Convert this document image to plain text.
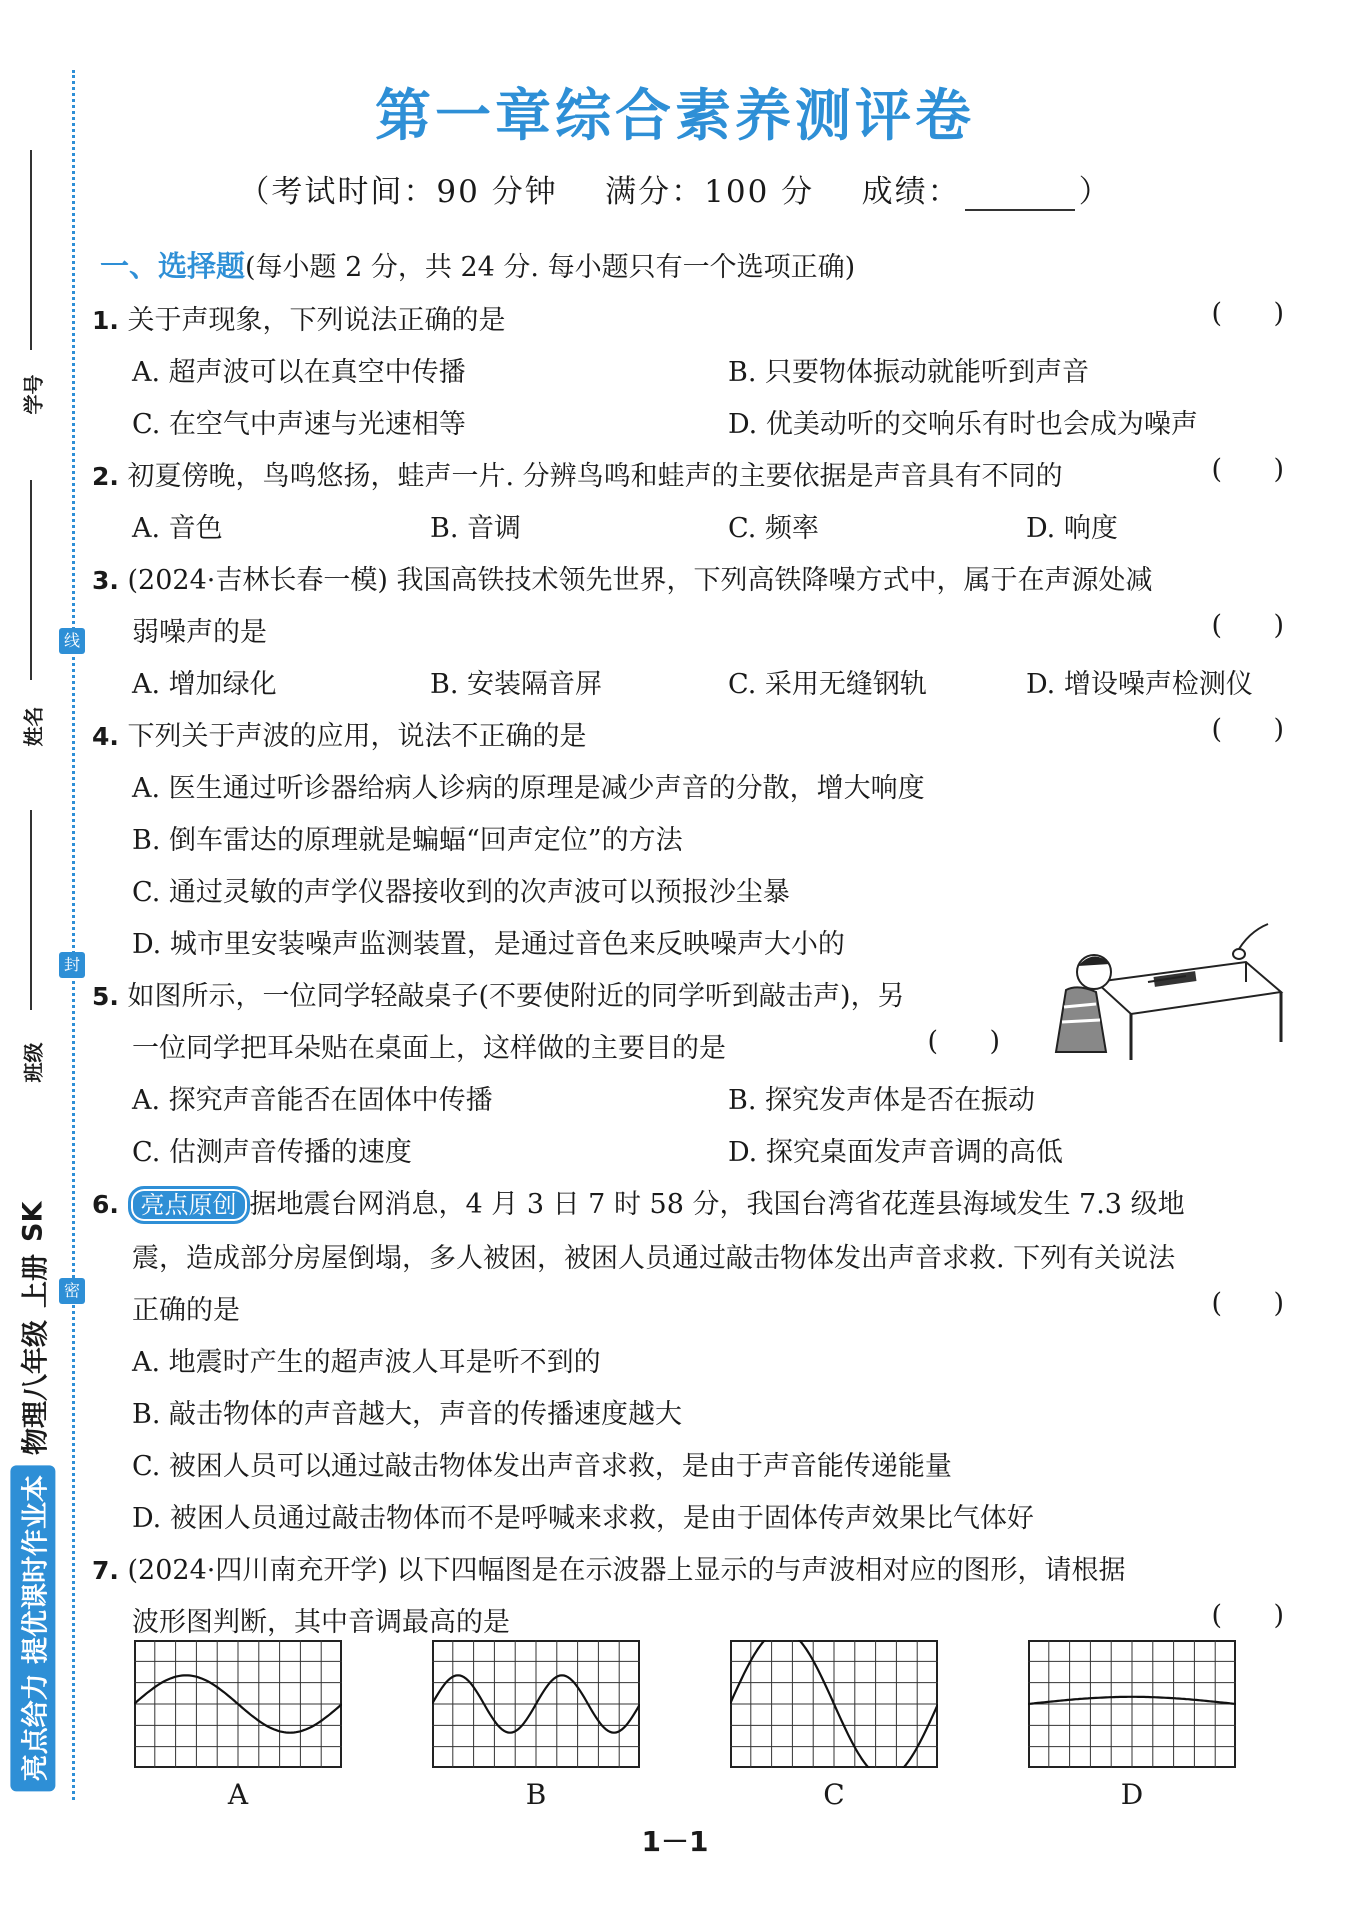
线
封
密
学号
姓名
班级
亮点给力 提优课时作业本
物理八年级
上册
SK
第一章综合素养测评卷
（考试时间：90 分钟 满分：100 分 成绩：	）
一、选择题(每小题 2 分，共 24 分. 每小题只有一个选项正确)
1. 关于声现象，下列说法正确的是	(      )
A. 超声波可以在真空中传播	B. 只要物体振动就能听到声音
C. 在空气中声速与光速相等	D. 优美动听的交响乐有时也会成为噪声
2. 初夏傍晚，鸟鸣悠扬，蛙声一片. 分辨鸟鸣和蛙声的主要依据是声音具有不同的	(      )
A. 音色	B. 音调	C. 频率	D. 响度
3. (2024·吉林长春一模) 我国高铁技术领先世界，下列高铁降噪方式中，属于在声源处减
弱噪声的是	(      )
A. 增加绿化	B. 安装隔音屏	C. 采用无缝钢轨	D. 增设噪声检测仪
4. 下列关于声波的应用，说法不正确的是	(      )
A. 医生通过听诊器给病人诊病的原理是减少声音的分散，增大响度
B. 倒车雷达的原理就是蝙蝠“回声定位”的方法
C. 通过灵敏的声学仪器接收到的次声波可以预报沙尘暴
D. 城市里安装噪声监测装置，是通过音色来反映噪声大小的
5. 如图所示，一位同学轻敲桌子(不要使附近的同学听到敲击声)，另
一位同学把耳朵贴在桌面上，这样做的主要目的是	(      )
A. 探究声音能否在固体中传播	B. 探究发声体是否在振动
C. 估测声音传播的速度	D. 探究桌面发声音调的高低
6. 亮点原创 据地震台网消息，4 月 3 日 7 时 58 分，我国台湾省花莲县海域发生 7.3 级地
震，造成部分房屋倒塌，多人被困，被困人员通过敲击物体发出声音求救. 下列有关说法
正确的是	(      )
A. 地震时产生的超声波人耳是听不到的
B. 敲击物体的声音越大，声音的传播速度越大
C. 被困人员可以通过敲击物体发出声音求救，是由于声音能传递能量
D. 被困人员通过敲击物体而不是呼喊来求救，是由于固体传声效果比气体好
7. (2024·四川南充开学) 以下四幅图是在示波器上显示的与声波相对应的图形，请根据
波形图判断，其中音调最高的是	(      )
A	B	C	D
1－1
